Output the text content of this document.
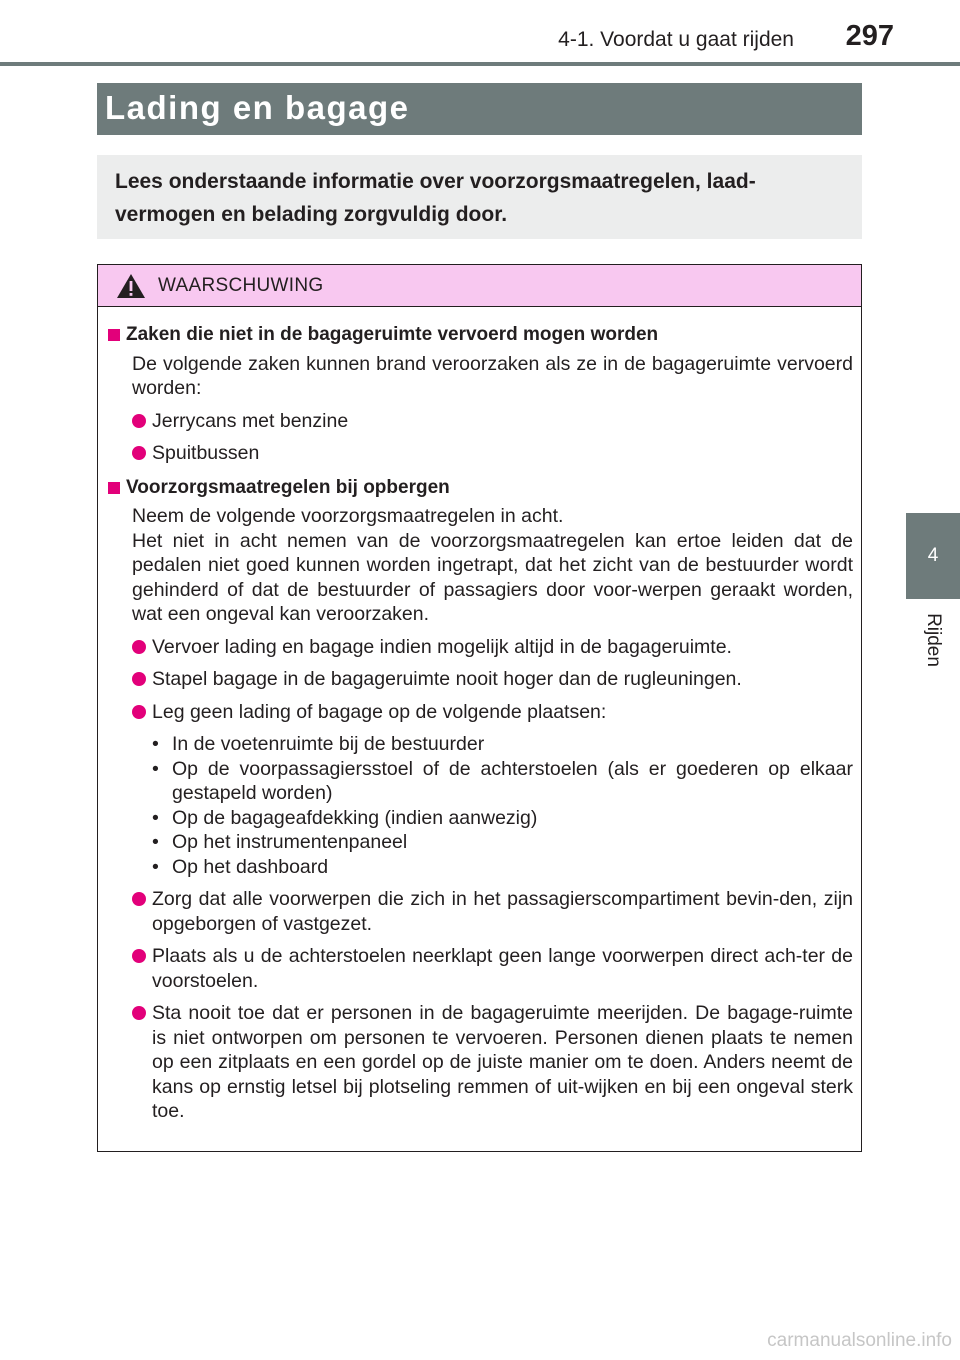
4-1. Voordat u gaat rijden	297
4
Rijden
Lading en bagage
Lees onderstaande informatie over voorzorgsmaatregelen, laad-vermogen en belading zorgvuldig door.
WAARSCHUWING
Zaken die niet in de bagageruimte vervoerd mogen worden
De volgende zaken kunnen brand veroorzaken als ze in de bagageruimte vervoerd worden:
Jerrycans met benzine
Spuitbussen
Voorzorgsmaatregelen bij opbergen
Neem de volgende voorzorgsmaatregelen in acht.
Het niet in acht nemen van de voorzorgsmaatregelen kan ertoe leiden dat de pedalen niet goed kunnen worden ingetrapt, dat het zicht van de bestuurder wordt gehinderd of dat de bestuurder of passagiers door voor-werpen geraakt worden, wat een ongeval kan veroorzaken.
Vervoer lading en bagage indien mogelijk altijd in de bagageruimte.
Stapel bagage in de bagageruimte nooit hoger dan de rugleuningen.
Leg geen lading of bagage op de volgende plaatsen:
• In de voetenruimte bij de bestuurder
• Op de voorpassagiersstoel of de achterstoelen (als er goederen op elkaar gestapeld worden)
• Op de bagageafdekking (indien aanwezig)
• Op het instrumentenpaneel
• Op het dashboard
Zorg dat alle voorwerpen die zich in het passagierscompartiment bevin-den, zijn opgeborgen of vastgezet.
Plaats als u de achterstoelen neerklapt geen lange voorwerpen direct ach-ter de voorstoelen.
Sta nooit toe dat er personen in de bagageruimte meerijden. De bagage-ruimte is niet ontworpen om personen te vervoeren. Personen dienen plaats te nemen op een zitplaats en een gordel op de juiste manier om te doen. Anders neemt de kans op ernstig letsel bij plotseling remmen of uit-wijken en bij een ongeval sterk toe.
carmanualsonline.info
